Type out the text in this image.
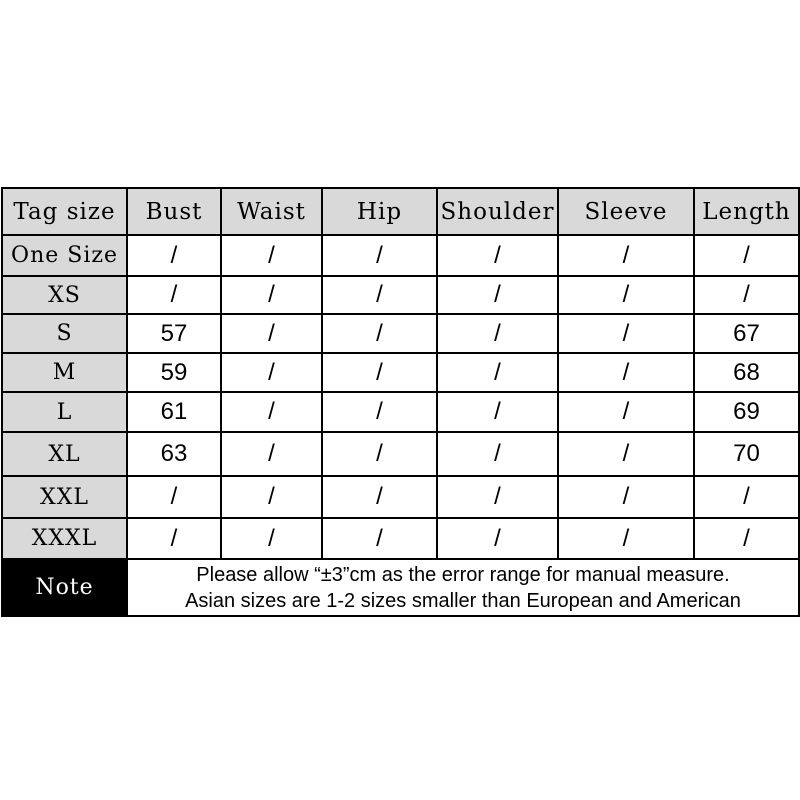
Tag size	Bust	Waist	Hip	Shoulder	Sleeve	Length
One Size	/	/	/	/	/	/
XS	/	/	/	/	/	/
S	57	/	/	/	/	67
M	59	/	/	/	/	68
L	61	/	/	/	/	69
XL	63	/	/	/	/	70
XXL	/	/	/	/	/	/
XXXL	/	/	/	/	/	/
Note	Please allow “±3”cm as the error range for manual measure.
Asian sizes are 1-2 sizes smaller than European and American					
